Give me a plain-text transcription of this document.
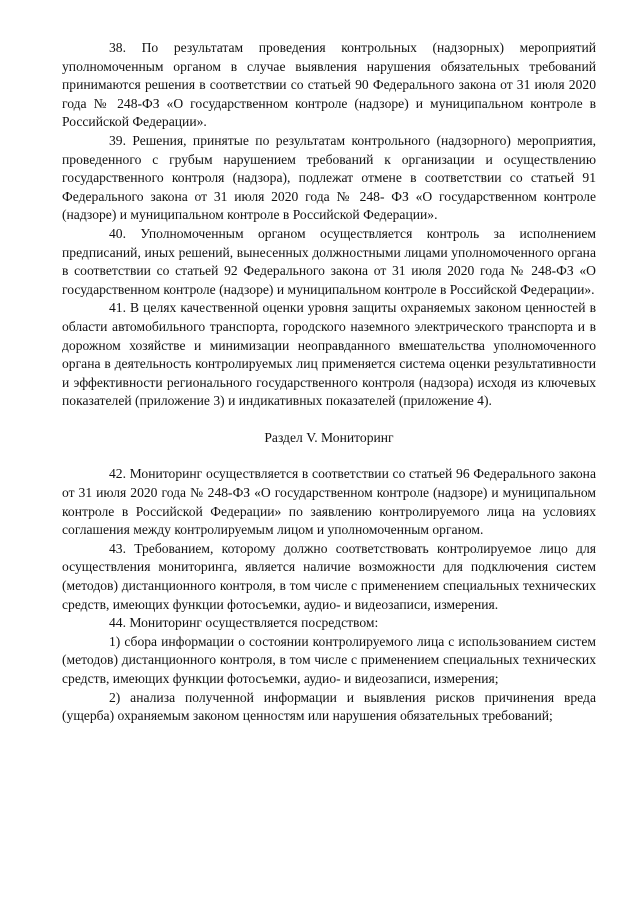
38. По результатам проведения контрольных (надзорных) мероприятий уполномоченным органом в случае выявления нарушения обязательных требований принимаются решения в соответствии со статьей 90 Федерального закона от 31 июля 2020 года № 248-ФЗ «О государственном контроле (надзоре) и муниципальном контроле в Российской Федерации».

39. Решения, принятые по результатам контрольного (надзорного) мероприятия, проведенного с грубым нарушением требований к организации и осуществлению государственного контроля (надзора), подлежат отмене в соответствии со статьей 91 Федерального закона от 31 июля 2020 года № 248- ФЗ «О государственном контроле (надзоре) и муниципальном контроле в Российской Федерации».

40. Уполномоченным органом осуществляется контроль за исполнением предписаний, иных решений, вынесенных должностными лицами уполномоченного органа в соответствии со статьей 92 Федерального закона от 31 июля 2020 года № 248-ФЗ «О государственном контроле (надзоре) и муниципальном контроле в Российской Федерации».

41. В целях качественной оценки уровня защиты охраняемых законом ценностей в области автомобильного транспорта, городского наземного электрического транспорта и в дорожном хозяйстве и минимизации неоправданного вмешательства уполномоченного органа в деятельность контролируемых лиц применяется система оценки результативности и эффективности регионального государственного контроля (надзора) исходя из ключевых показателей (приложение 3) и индикативных показателей (приложение 4).

Раздел V. Мониторинг

42. Мониторинг осуществляется в соответствии со статьей 96 Федерального закона от 31 июля 2020 года № 248-ФЗ «О государственном контроле (надзоре) и муниципальном контроле в Российской Федерации» по заявлению контролируемого лица на условиях соглашения между контролируемым лицом и уполномоченным органом.

43. Требованием, которому должно соответствовать контролируемое лицо для осуществления мониторинга, является наличие возможности для подключения систем (методов) дистанционного контроля, в том числе с применением специальных технических средств, имеющих функции фотосъемки, аудио- и видеозаписи, измерения.

44. Мониторинг осуществляется посредством:

1) сбора информации о состоянии контролируемого лица с использованием систем (методов) дистанционного контроля, в том числе с применением специальных технических средств, имеющих функции фотосъемки, аудио- и видеозаписи, измерения;

2) анализа полученной информации и выявления рисков причинения вреда (ущерба) охраняемым законом ценностям или нарушения обязательных требований;
